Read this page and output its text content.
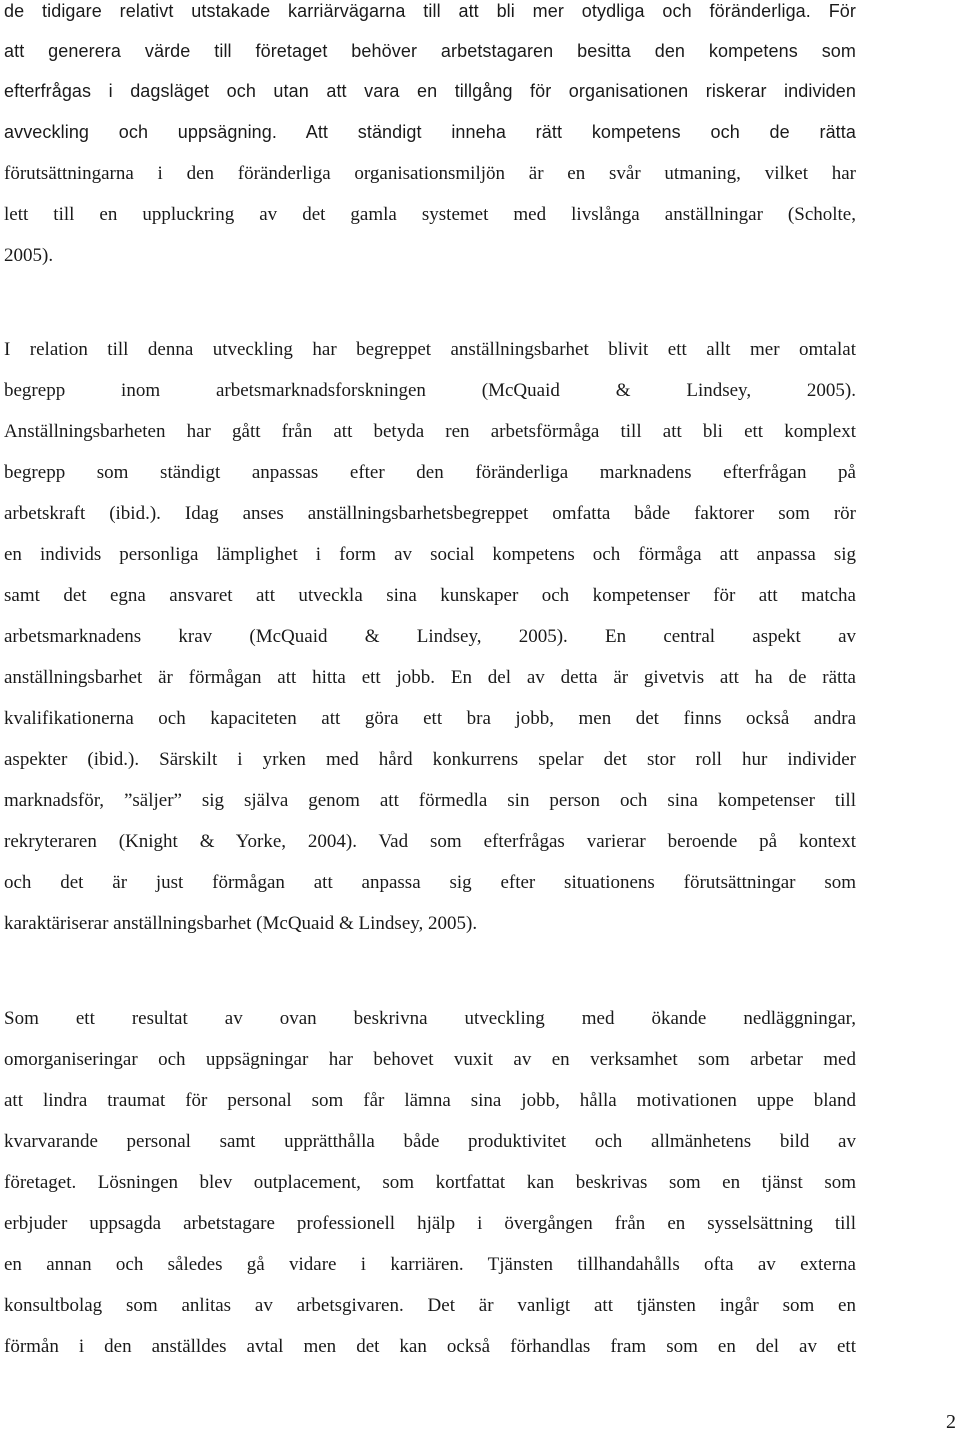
de tidigare relativt utstakade karriärvägarna till att bli mer otydliga och föränderliga. För
att generera värde till företaget behöver arbetstagaren besitta den kompetens som
efterfrågas i dagsläget och utan att vara en tillgång för organisationen riskerar individen
avveckling och uppsägning. Att ständigt inneha rätt kompetens och de rätta
förutsättningarna i den föränderliga organisationsmiljön är en svår utmaning, vilket har
lett till en uppluckring av det gamla systemet med livslånga anställningar (Scholte,
2005).
I relation till denna utveckling har begreppet anställningsbarhet blivit ett allt mer omtalat
begrepp inom arbetsmarknadsforskningen (McQuaid & Lindsey, 2005).
Anställningsbarheten har gått från att betyda ren arbetsförmåga till att bli ett komplext
begrepp som ständigt anpassas efter den föränderliga marknadens efterfrågan på
arbetskraft (ibid.). Idag anses anställningsbarhetsbegreppet omfatta både faktorer som rör
en individs personliga lämplighet i form av social kompetens och förmåga att anpassa sig
samt det egna ansvaret att utveckla sina kunskaper och kompetenser för att matcha
arbetsmarknadens krav (McQuaid & Lindsey, 2005). En central aspekt av
anställningsbarhet är förmågan att hitta ett jobb. En del av detta är givetvis att ha de rätta
kvalifikationerna och kapaciteten att göra ett bra jobb, men det finns också andra
aspekter (ibid.). Särskilt i yrken med hård konkurrens spelar det stor roll hur individer
marknadsför, ”säljer” sig själva genom att förmedla sin person och sina kompetenser till
rekryteraren (Knight & Yorke, 2004). Vad som efterfrågas varierar beroende på kontext
och det är just förmågan att anpassa sig efter situationens förutsättningar som
karaktäriserar anställningsbarhet (McQuaid & Lindsey, 2005).
Som ett resultat av ovan beskrivna utveckling med ökande nedläggningar,
omorganiseringar och uppsägningar har behovet vuxit av en verksamhet som arbetar med
att lindra traumat för personal som får lämna sina jobb, hålla motivationen uppe bland
kvarvarande personal samt upprätthålla både produktivitet och allmänhetens bild av
företaget. Lösningen blev outplacement, som kortfattat kan beskrivas som en tjänst som
erbjuder uppsagda arbetstagare professionell hjälp i övergången från en sysselsättning till
en annan och således gå vidare i karriären. Tjänsten tillhandahålls ofta av externa
konsultbolag som anlitas av arbetsgivaren. Det är vanligt att tjänsten ingår som en
förmån i den anställdes avtal men det kan också förhandlas fram som en del av ett
2
